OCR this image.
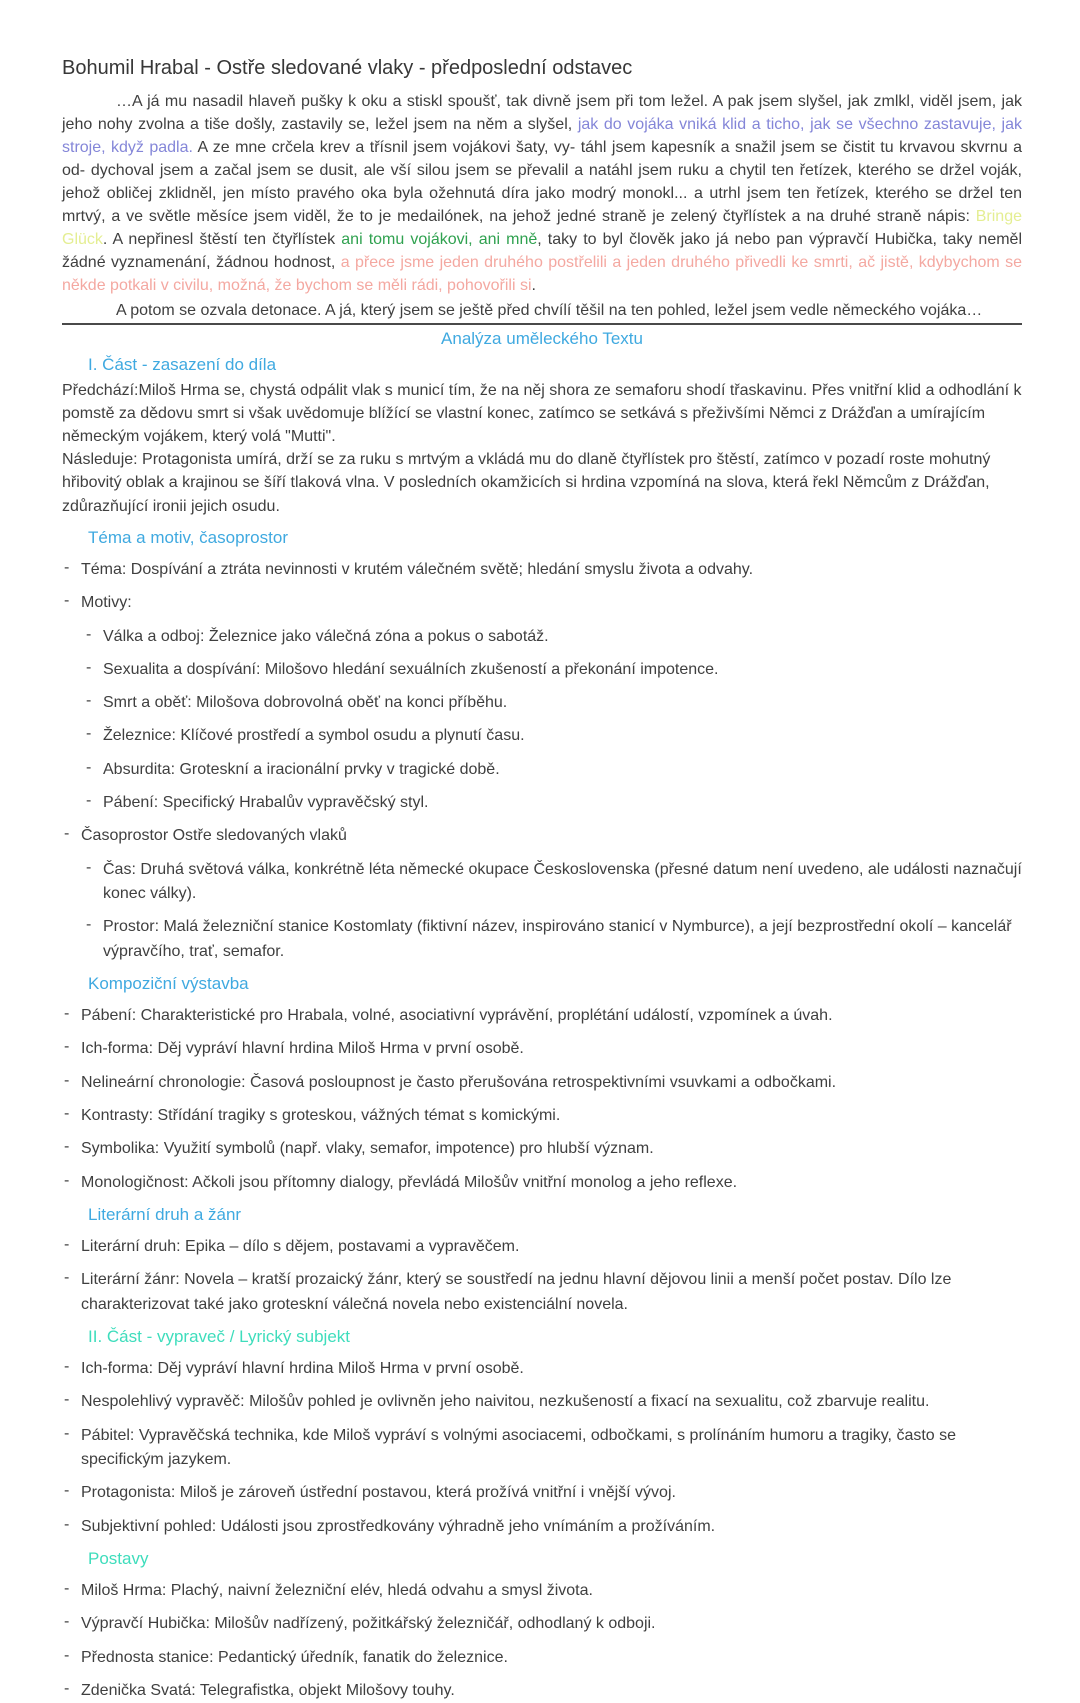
Bohumil Hrabal - Ostře sledované vlaky - předposlední odstavec

…A já mu nasadil hlaveň pušky k oku a stiskl spoušť, tak divně jsem při tom ležel. A pak jsem slyšel, jak zmlkl, viděl jsem, jak jeho nohy zvolna a tiše došly, zastavily se, ležel jsem na něm a slyšel, jak do vojáka vniká klid a ticho, jak se všechno zastavuje, jak stroje, když padla. A ze mne crčela krev a třísnil jsem vojákovi šaty, vy- táhl jsem kapesník a snažil jsem se čistit tu krvavou skvrnu a od- dychoval jsem a začal jsem se dusit, ale vší silou jsem se převalil a natáhl jsem ruku a chytil ten řetízek, kterého se držel voják, jehož obličej zklidněl, jen místo pravého oka byla ožehnutá díra jako modrý monokl... a utrhl jsem ten řetízek, kterého se držel ten mrtvý, a ve světle měsíce jsem viděl, že to je medailónek, na jehož jedné straně je zelený čtyřlístek a na druhé straně nápis: Bringe Glück. A nepřinesl štěstí ten čtyřlístek ani tomu vojákovi, ani mně, taky to byl člověk jako já nebo pan výpravčí Hubička, taky neměl žádné vyznamenání, žádnou hodnost, a přece jsme jeden druhého postřelili a jeden druhého přivedli ke smrti, ač jistě, kdybychom se někde potkali v civilu, možná, že bychom se měli rádi, pohovořili si.

A potom se ozvala detonace. A já, který jsem se ještě před chvílí těšil na ten pohled, ležel jsem vedle německého vojáka…

Analýza uměleckého Textu
I. Část - zasazení do díla

Předchází:Miloš Hrma se, chystá odpálit vlak s municí tím, že na něj shora ze semaforu shodí třaskavinu. Přes vnitřní klid a odhodlání k pomstě za dědovu smrt si však uvědomuje blížící se vlastní konec, zatímco se setkává s přeživšími Němci z Drážďan a umírajícím německým vojákem, který volá "Mutti".

Následuje: Protagonista umírá, drží se za ruku s mrtvým a vkládá mu do dlaně čtyřlístek pro štěstí, zatímco v pozadí roste mohutný hřibovitý oblak a krajinou se šíří tlaková vlna. V posledních okamžicích si hrdina vzpomíná na slova, která řekl Němcům z Drážďan, zdůrazňující ironii jejich osudu.

Téma a motiv, časoprostor
- Téma: Dospívání a ztráta nevinnosti v krutém válečném světě; hledání smyslu života a odvahy.
- Motivy:
- Válka a odboj: Železnice jako válečná zóna a pokus o sabotáž.
- Sexualita a dospívání: Milošovo hledání sexuálních zkušeností a překonání impotence.
- Smrt a oběť: Milošova dobrovolná oběť na konci příběhu.
- Železnice: Klíčové prostředí a symbol osudu a plynutí času.
- Absurdita: Groteskní a iracionální prvky v tragické době.
- Pábení: Specifický Hrabalův vypravěčský styl.
- Časoprostor Ostře sledovaných vlaků
- Čas: Druhá světová válka, konkrétně léta německé okupace Československa (přesné datum není uvedeno, ale události naznačují konec války).
- Prostor: Malá železniční stanice Kostomlaty (fiktivní název, inspirováno stanicí v Nymburce), a její bezprostřední okolí – kancelář výpravčího, trať, semafor.
Kompoziční výstavba
- Pábení: Charakteristické pro Hrabala, volné, asociativní vyprávění, proplétání událostí, vzpomínek a úvah.
- Ich-forma: Děj vypráví hlavní hrdina Miloš Hrma v první osobě.
- Nelineární chronologie: Časová posloupnost je často přerušována retrospektivními vsuvkami a odbočkami.
- Kontrasty: Střídání tragiky s groteskou, vážných témat s komickými.
- Symbolika: Využití symbolů (např. vlaky, semafor, impotence) pro hlubší význam.
- Monologičnost: Ačkoli jsou přítomny dialogy, převládá Milošův vnitřní monolog a jeho reflexe.
Literární druh a žánr
- Literární druh: Epika – dílo s dějem, postavami a vypravěčem.
- Literární žánr: Novela – kratší prozaický žánr, který se soustředí na jednu hlavní dějovou linii a menší počet postav. Dílo lze charakterizovat také jako groteskní válečná novela nebo existenciální novela.
II. Část - vypraveč / Lyrický subjekt
- Ich-forma: Děj vypráví hlavní hrdina Miloš Hrma v první osobě.
- Nespolehlivý vypravěč: Milošův pohled je ovlivněn jeho naivitou, nezkušeností a fixací na sexualitu, což zbarvuje realitu.
- Pábitel: Vypravěčská technika, kde Miloš vypráví s volnými asociacemi, odbočkami, s prolínáním humoru a tragiky, často se specifickým jazykem.
- Protagonista: Miloš je zároveň ústřední postavou, která prožívá vnitřní i vnější vývoj.
- Subjektivní pohled: Události jsou zprostředkovány výhradně jeho vnímáním a prožíváním.
Postavy
- Miloš Hrma: Plachý, naivní železniční elév, hledá odvahu a smysl života.
- Výpravčí Hubička: Milošův nadřízený, požitkářský železničář, odhodlaný k odboji.
- Přednosta stanice: Pedantický úředník, fanatik do železnice.
- Zdenička Svatá: Telegrafistka, objekt Milošovy touhy.
